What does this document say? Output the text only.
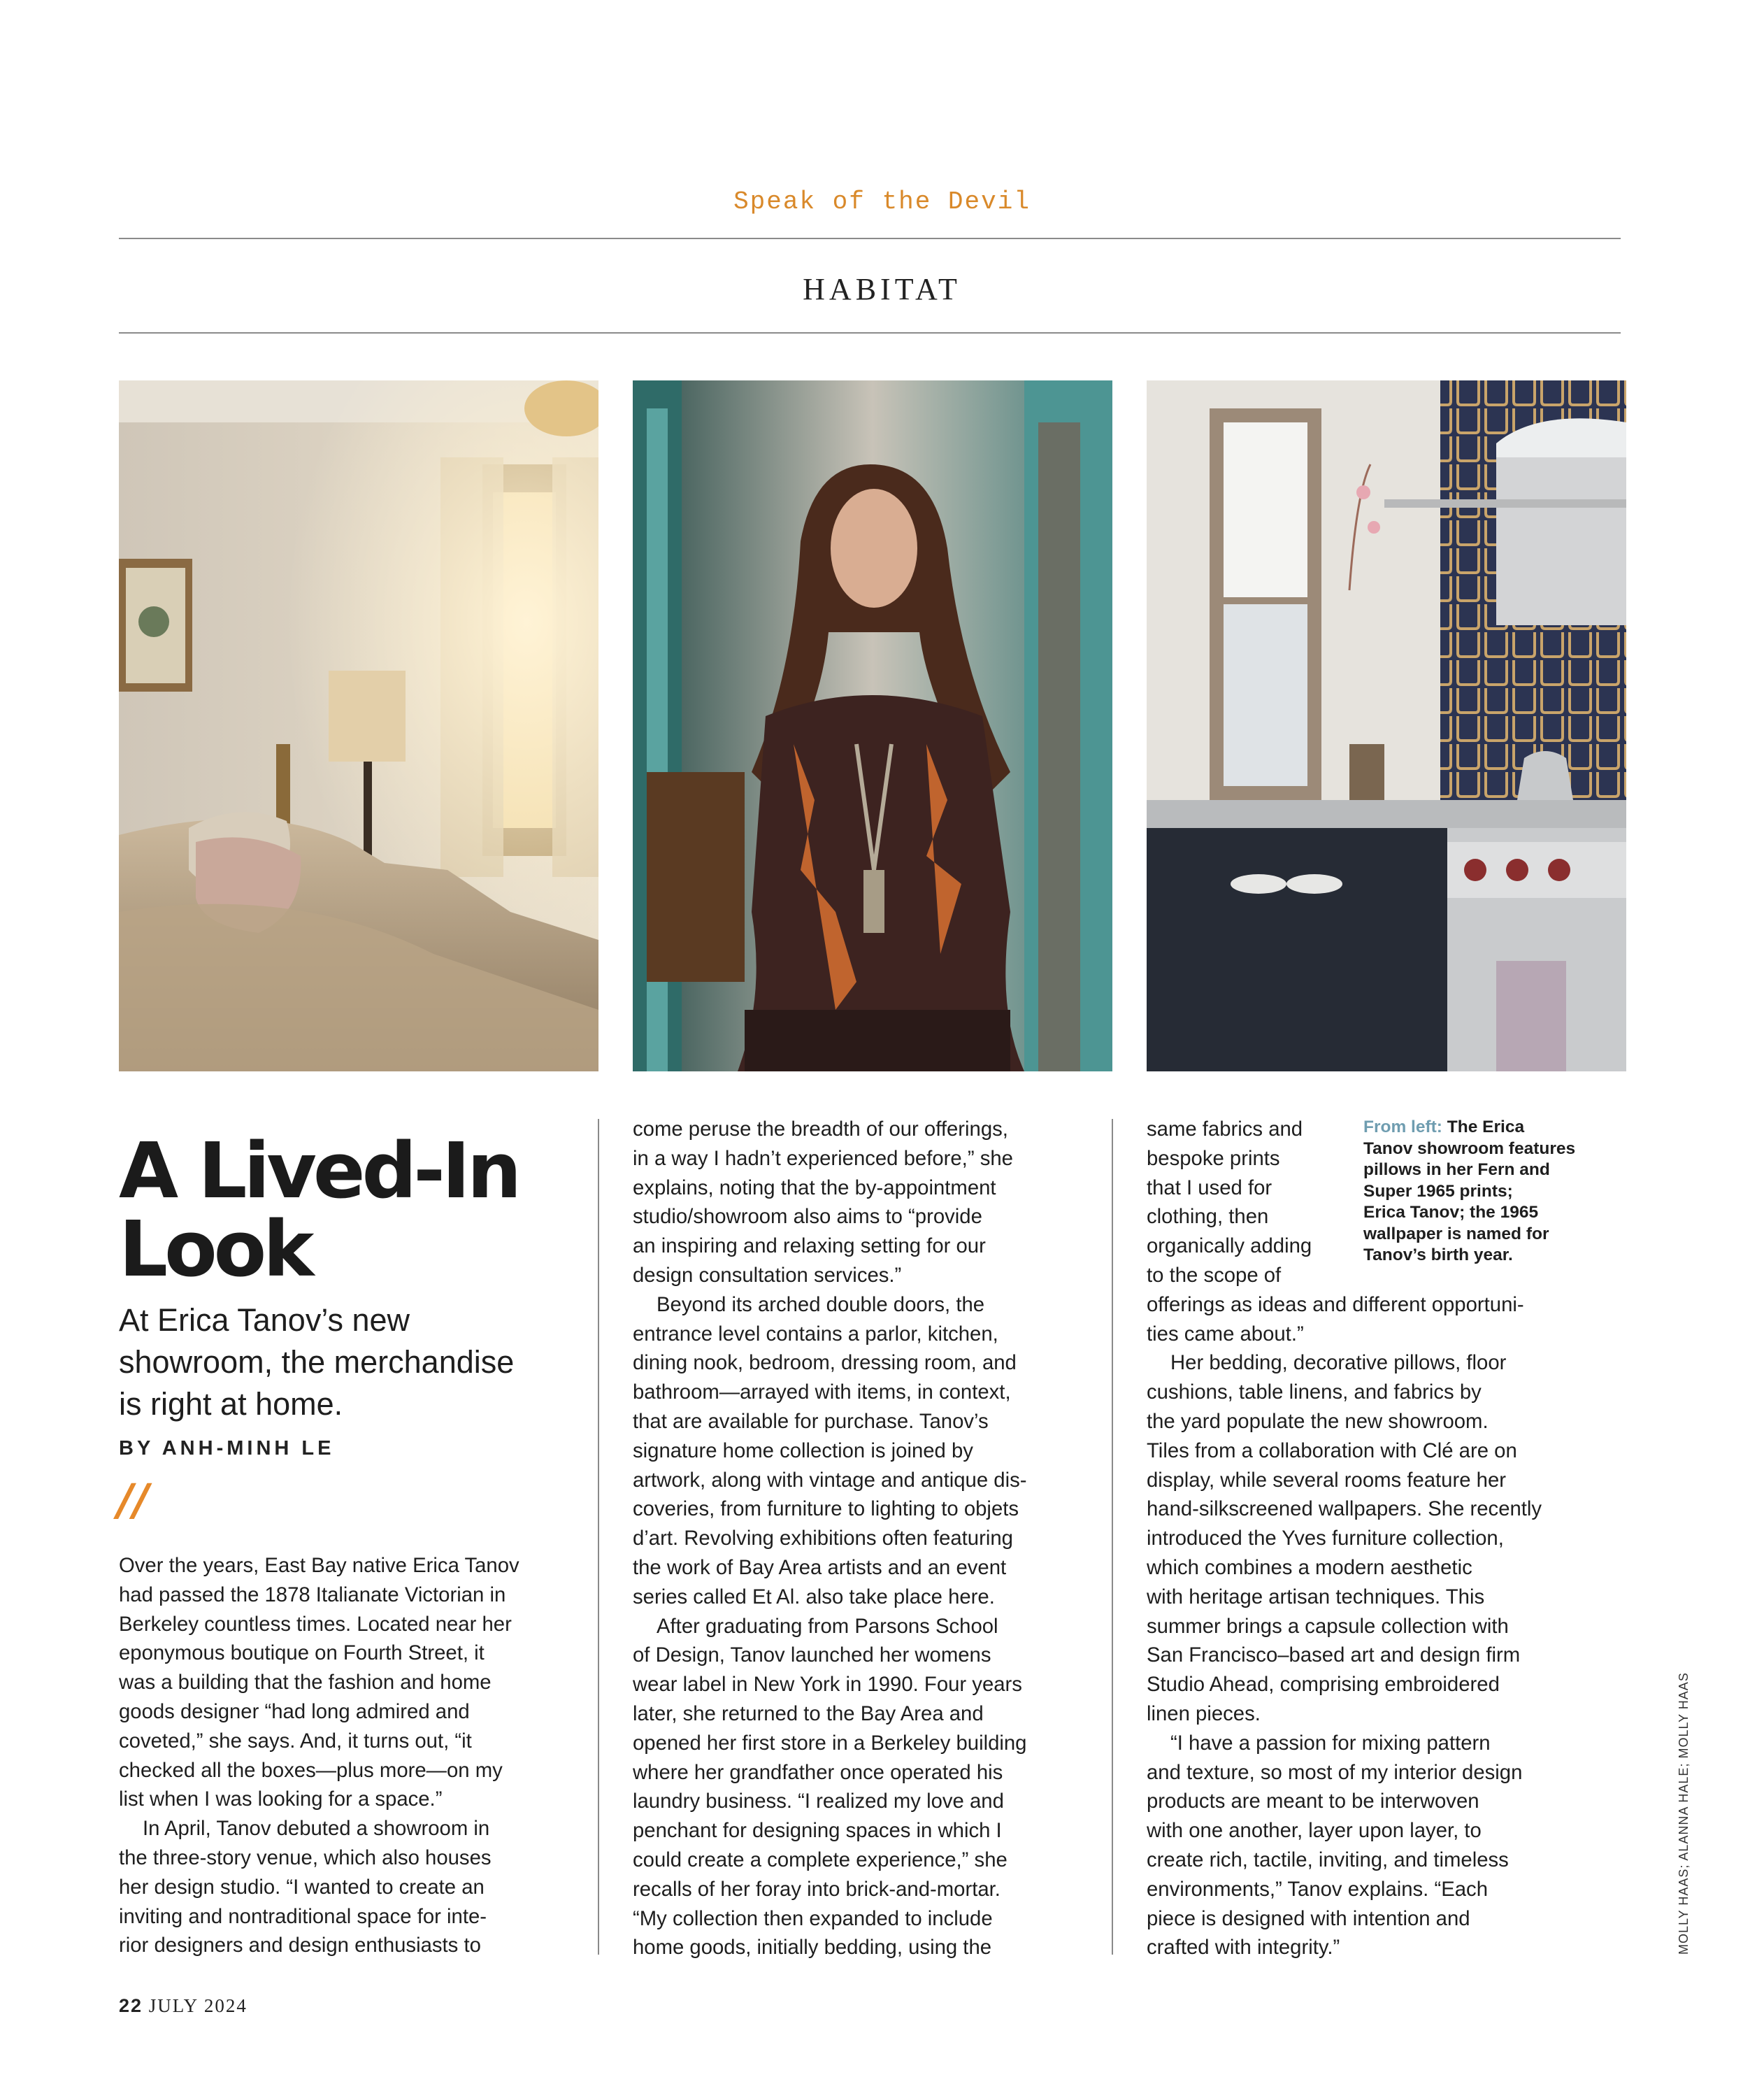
Speak of the Devil
HABITAT
A Lived-In
Look
At Erica Tanov’s new
showroom, the merchandise
is right at home.
BY ANH-MINH LE
//

Over the years, East Bay native Erica Tanov

had passed the 1878 Italianate Victorian in

Berkeley countless times. Located near her

eponymous boutique on Fourth Street, it

was a building that the fashion and home

goods designer “had long admired and

coveted,” she says. And, it turns out, “it

checked all the boxes—plus more—on my

list when I was looking for a space.”

In April, Tanov debuted a showroom in

the three-story venue, which also houses

her design studio. “I wanted to create an

inviting and nontraditional space for inte-

rior designers and design enthusiasts to

come peruse the breadth of our offerings,

in a way I hadn’t experienced before,” she

explains, noting that the by-appointment

studio/showroom also aims to “provide

an inspiring and relaxing setting for our

design consultation services.”

Beyond its arched double doors, the

entrance level contains a parlor, kitchen,

dining nook, bedroom, dressing room, and

bathroom—arrayed with items, in context,

that are available for purchase. Tanov’s

signature home collection is joined by

artwork, along with vintage and antique dis-

coveries, from furniture to lighting to objets

d’art. Revolving exhibitions often featuring

the work of Bay Area artists and an event

series called Et Al. also take place here.

After graduating from Parsons School

of Design, Tanov launched her womens

wear label in New York in 1990. Four years

later, she returned to the Bay Area and

opened her first store in a Berkeley building

where her grandfather once operated his

laundry business. “I realized my love and

penchant for designing spaces in which I

could create a complete experience,” she

recalls of her foray into brick-and-mortar.

“My collection then expanded to include

home goods, initially bedding, using the

same fabrics and

bespoke prints

that I used for

clothing, then

organically adding

to the scope of

offerings as ideas and different opportuni-

ties came about.”

Her bedding, decorative pillows, floor

cushions, table linens, and fabrics by

the yard populate the new showroom.

Tiles from a collaboration with Clé are on

display, while several rooms feature her

hand-silkscreened wallpapers. She recently

introduced the Yves furniture collection,

which combines a modern aesthetic

with heritage artisan techniques. This

summer brings a capsule collection with

San Francisco–based art and design firm

Studio Ahead, comprising embroidered

linen pieces.

“I have a passion for mixing pattern

and texture, so most of my interior design

products are meant to be interwoven

with one another, layer upon layer, to

create rich, tactile, inviting, and timeless

environments,” Tanov explains. “Each

piece is designed with intention and

crafted with integrity.”

From left: The Erica
Tanov showroom features
pillows in her Fern and
Super 1965 prints;
Erica Tanov; the 1965
wallpaper is named for
Tanov’s birth year.
MOLLY HAAS; ALANNA HALE; MOLLY HAAS
22 JULY 2024
